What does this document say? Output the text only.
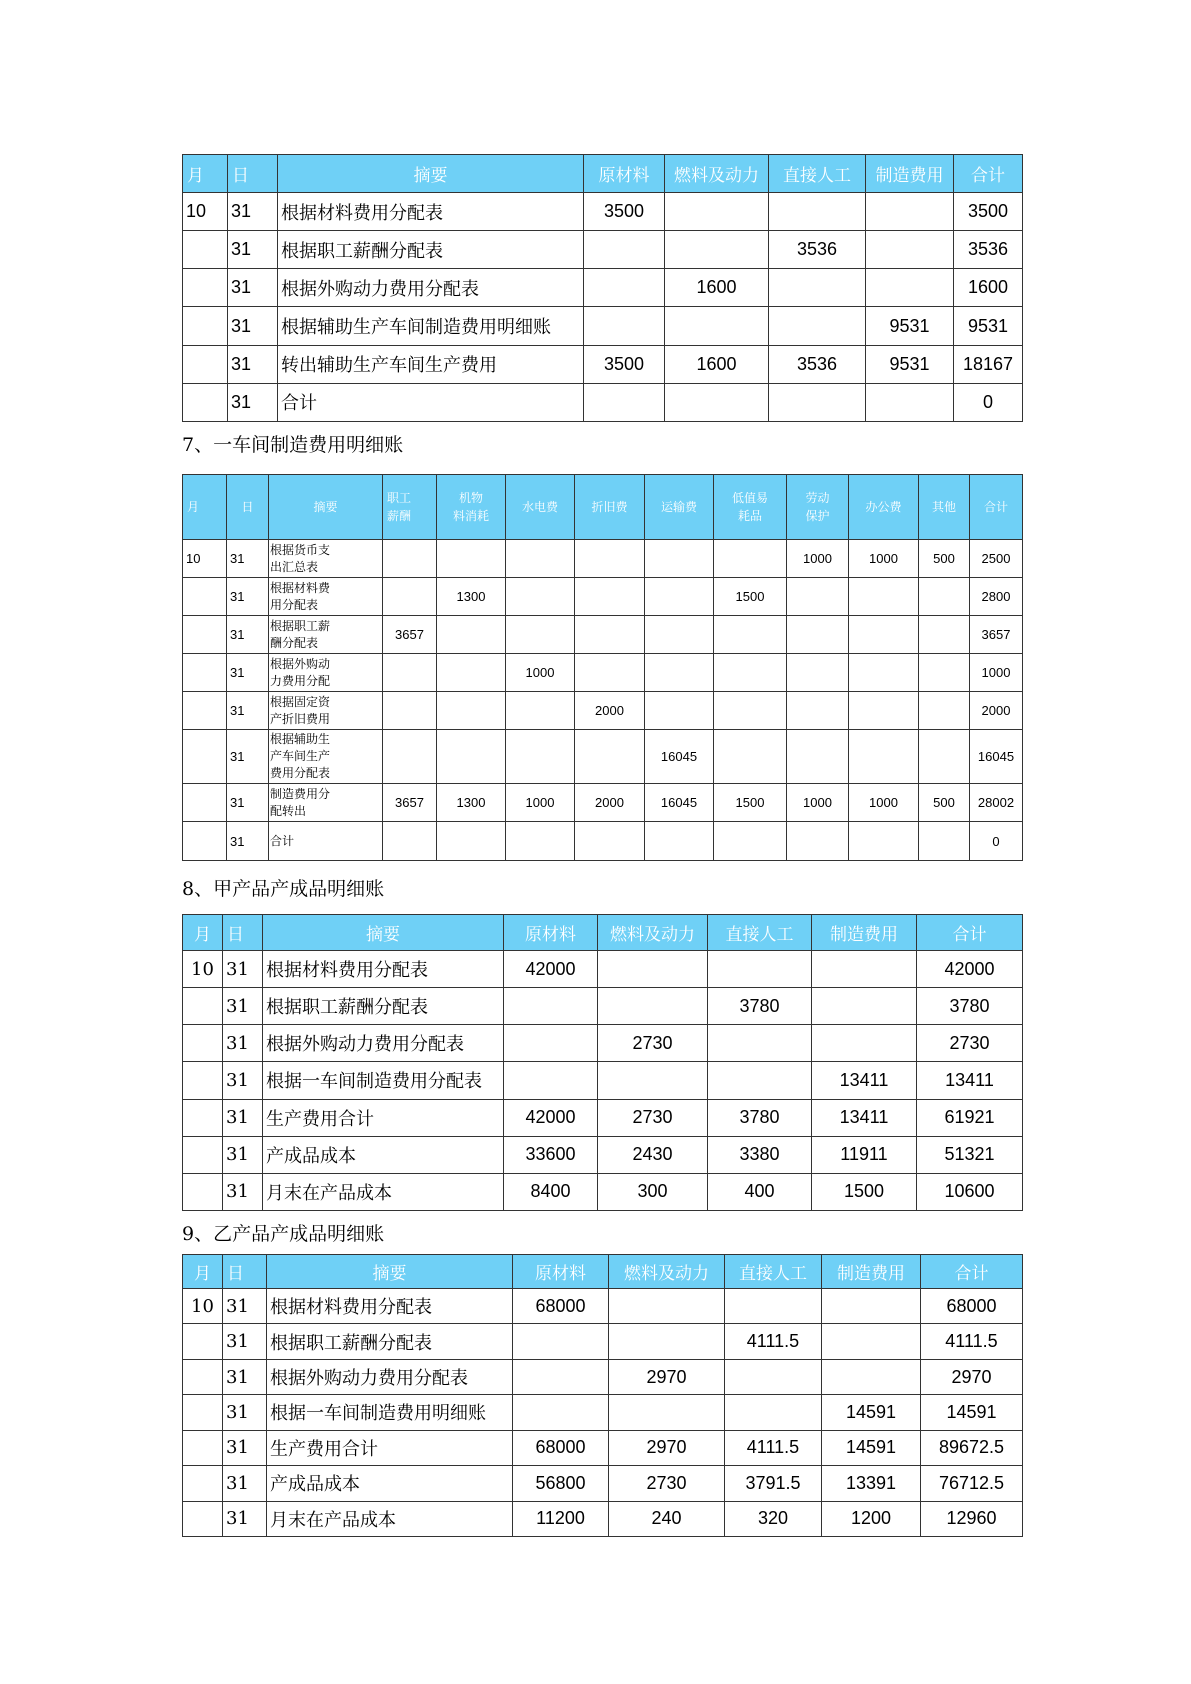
月	日	摘要	原材料	燃料及动力	直接人工	制造费用	合计
10	31	根据材料费用分配表	3500				3500
	31	根据职工薪酬分配表			3536		3536
	31	根据外购动力费用分配表		1600			1600
	31	根据辅助生产车间制造费用明细账				9531	9531
	31	转出辅助生产车间生产费用	3500	1600	3536	9531	18167
	31	合计					0
7、一车间制造费用明细账
月	日	摘要	职工
薪酬	机物
料消耗	水电费	折旧费	运输费	低值易
耗品	劳动
保护	办公费	其他	合计
10	31	根据货币支
出汇总表							1000	1000	500	2500
	31	根据材料费
用分配表		1300				1500				2800
	31	根据职工薪
酬分配表	3657									3657
	31	根据外购动
力费用分配			1000							1000
	31	根据固定资
产折旧费用				2000						2000
	31	根据辅助生
产车间生产
费用分配表					16045					16045
	31	制造费用分
配转出	3657	1300	1000	2000	16045	1500	1000	1000	500	28002
	31	合计										0
8、甲产品产成品明细账
月	日	摘要	原材料	燃料及动力	直接人工	制造费用	合计
10	31	根据材料费用分配表	42000				42000
	31	根据职工薪酬分配表			3780		3780
	31	根据外购动力费用分配表		2730			2730
	31	根据一车间制造费用分配表				13411	13411
	31	生产费用合计	42000	2730	3780	13411	61921
	31	产成品成本	33600	2430	3380	11911	51321
	31	月末在产品成本	8400	300	400	1500	10600
9、乙产品产成品明细账
月	日	摘要	原材料	燃料及动力	直接人工	制造费用	合计
10	31	根据材料费用分配表	68000				68000
	31	根据职工薪酬分配表			4111.5		4111.5
	31	根据外购动力费用分配表		2970			2970
	31	根据一车间制造费用明细账				14591	14591
	31	生产费用合计	68000	2970	4111.5	14591	89672.5
	31	产成品成本	56800	2730	3791.5	13391	76712.5
	31	月末在产品成本	11200	240	320	1200	12960
